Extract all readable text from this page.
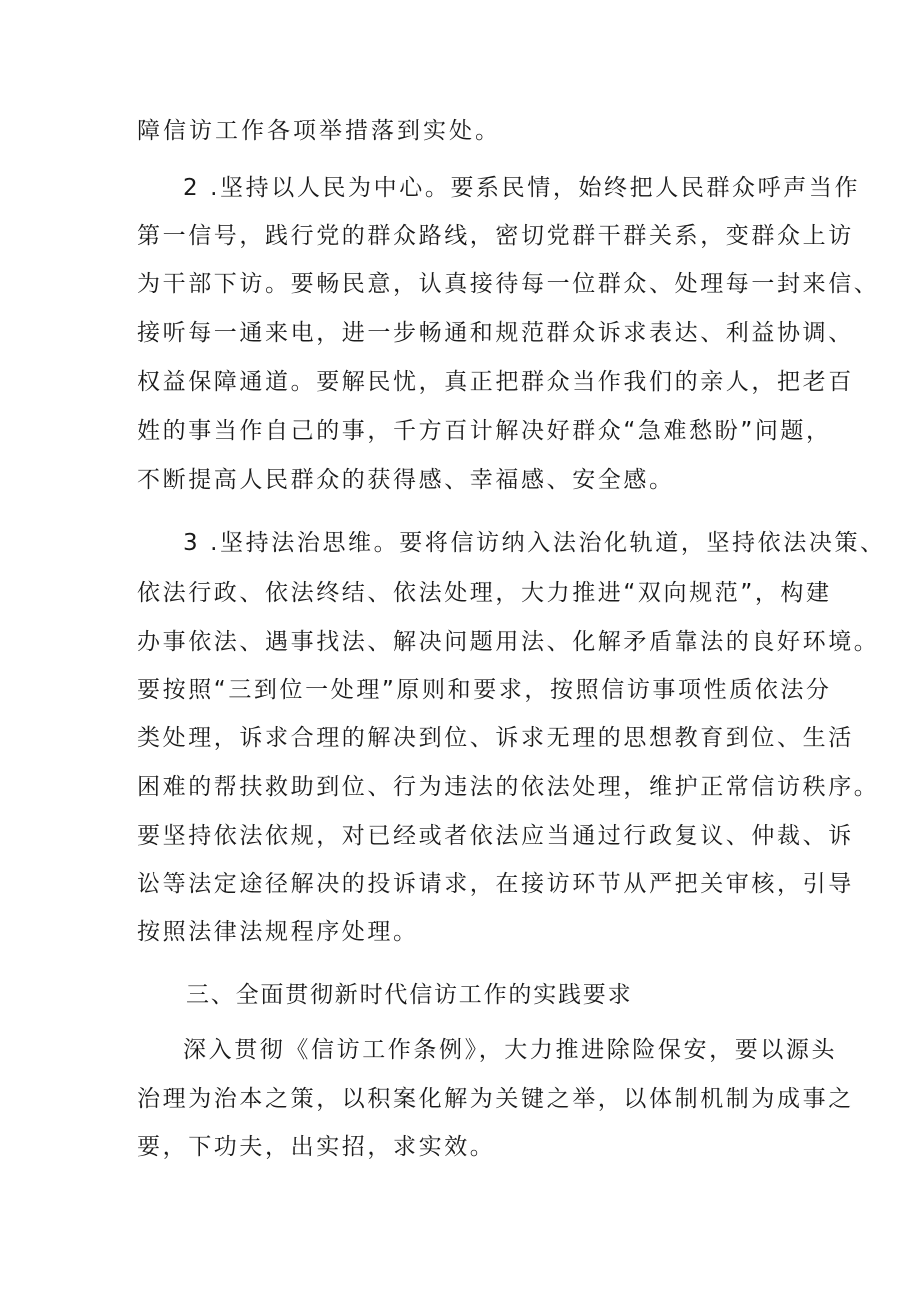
障信访工作各项举措落到实处。
2 .坚持以人民为中心。要系民情，始终把人民群众呼声当作
第一信号，践行党的群众路线，密切党群干群关系，变群众上访
为干部下访。要畅民意，认真接待每一位群众、处理每一封来信、
接听每一通来电，进一步畅通和规范群众诉求表达、利益协调、
权益保障通道。要解民忧，真正把群众当作我们的亲人，把老百
姓的事当作自己的事，千方百计解决好群众“急难愁盼”问题，
不断提高人民群众的获得感、幸福感、安全感。
3 .坚持法治思维。要将信访纳入法治化轨道，坚持依法决策、
依法行政、依法终结、依法处理，大力推进“双向规范”，构建
办事依法、遇事找法、解决问题用法、化解矛盾靠法的良好环境。
要按照“三到位一处理”原则和要求，按照信访事项性质依法分
类处理，诉求合理的解决到位、诉求无理的思想教育到位、生活
困难的帮扶救助到位、行为违法的依法处理，维护正常信访秩序。
要坚持依法依规，对已经或者依法应当通过行政复议、仲裁、诉
讼等法定途径解决的投诉请求，在接访环节从严把关审核，引导
按照法律法规程序处理。
三、全面贯彻新时代信访工作的实践要求
深入贯彻《信访工作条例》，大力推进除险保安，要以源头
治理为治本之策，以积案化解为关键之举，以体制机制为成事之
要，下功夫，出实招，求实效。
